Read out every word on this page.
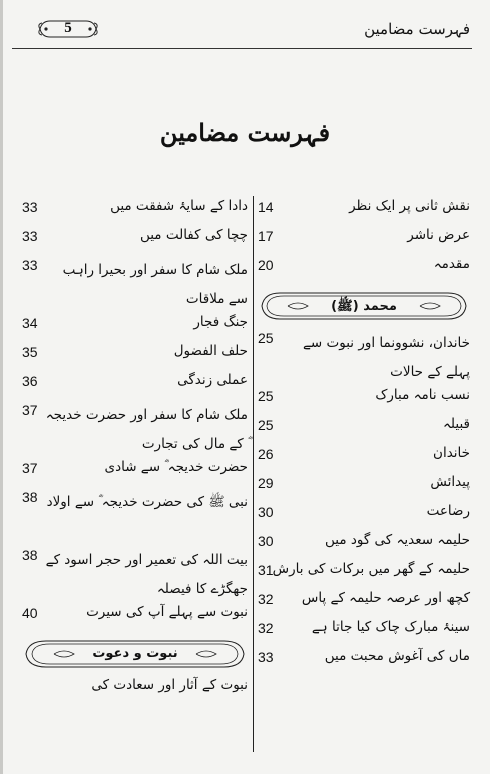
5	فہرست مضامین
فہرست مضامین
14	نقش ثانی پر ایک نظر
17	عرض ناشر
20	مقدمہ
محمد (ﷺ)
25	خاندان، نشوونما اور نبوت سے پہلے کے حالات
25	نسب نامہ مبارک
25	قبیلہ
26	خاندان
29	پیدائش
30	رضاعت
30	حلیمہ سعدیہ کی گود میں
31 حلیمہ کے گھر میں برکات کی بارش
32 کچھ اور عرصہ حلیمہ کے پاس
32	سینۂ مبارک چاک کیا جاتا ہے
33	ماں کی آغوش محبت میں
33	دادا کے سایۂ شفقت میں
33	چچا کی کفالت میں
33	ملک شام کا سفر اور بحیرا راہب سے ملاقات
34	جنگ فجار
35	حلف الفضول
36	عملی زندگی
37 ملک شام کا سفر اور حضرت خدیجہ ؓ کے مال کی تجارت
37	حضرت خدیجہ ؓ سے شادی
38 نبی ﷺ کی حضرت خدیجہ ؓ سے اولاد
38 بیت اللہ کی تعمیر اور حجر اسود کے جھگڑے کا فیصلہ
40	نبوت سے پہلے آپ کی سیرت
نبوت و دعوت
نبوت کے آثار اور سعادت کی
